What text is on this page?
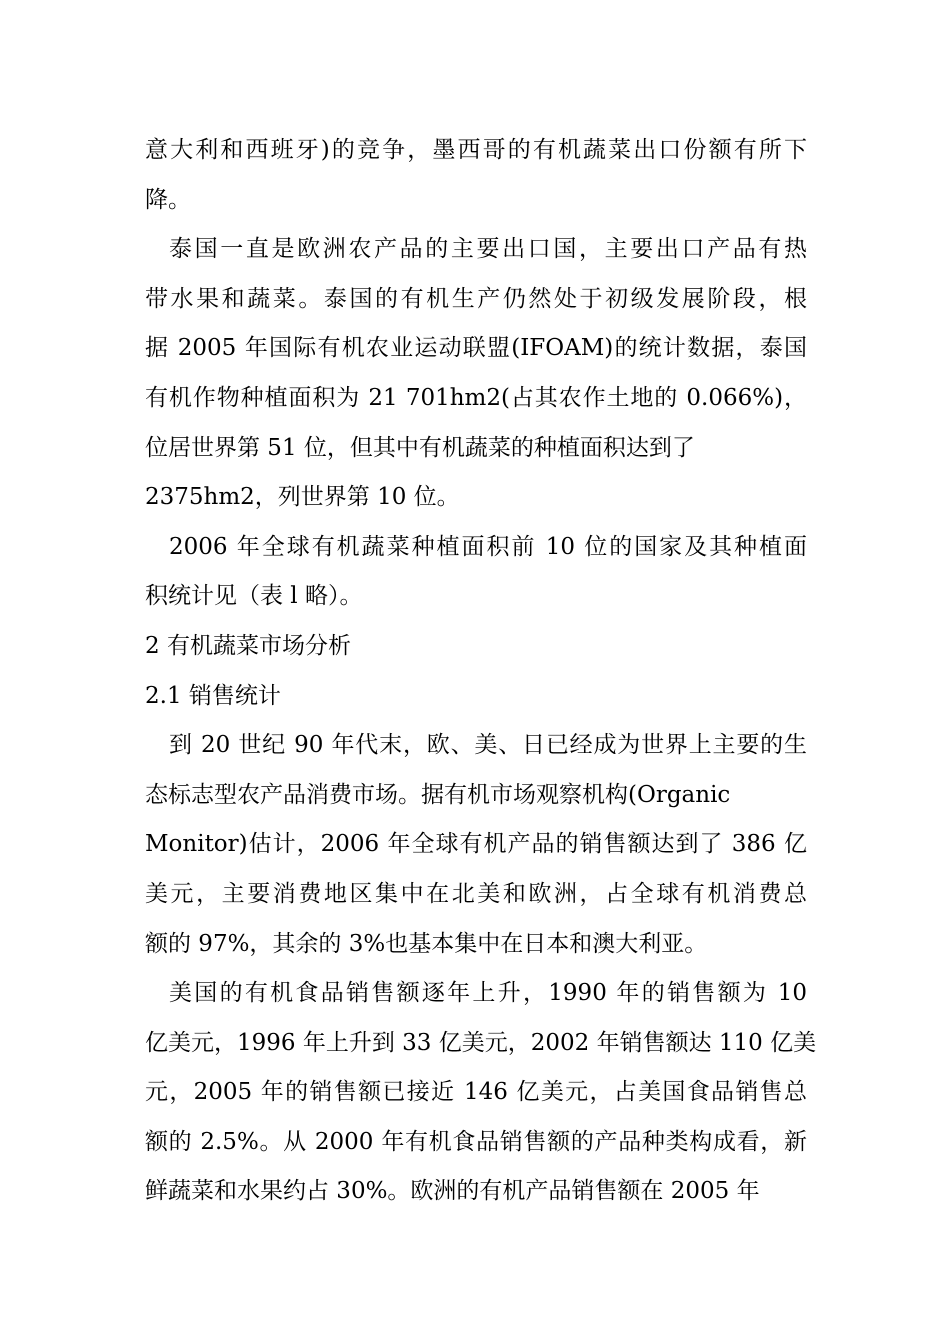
意大利和西班牙)的竞争，墨西哥的有机蔬菜出口份额有所下
降。
泰国一直是欧洲农产品的主要出口国，主要出口产品有热
带水果和蔬菜。泰国的有机生产仍然处于初级发展阶段，根
据 2005 年国际有机农业运动联盟(IFOAM)的统计数据，泰国
有机作物种植面积为 21 701hm2(占其农作土地的 0.066%)，
位居世界第 51 位，但其中有机蔬菜的种植面积达到了
2375hm2，列世界第 10 位。
2006 年全球有机蔬菜种植面积前 10 位的国家及其种植面
积统计见（表 l 略）。
2 有机蔬菜市场分析
2.1 销售统计
到 20 世纪 90 年代末，欧、美、日已经成为世界上主要的生
态标志型农产品消费市场。据有机市场观察机构(Organic
Monitor)估计，2006 年全球有机产品的销售额达到了 386 亿
美元，主要消费地区集中在北美和欧洲，占全球有机消费总
额的 97%，其余的 3%也基本集中在日本和澳大利亚。
美国的有机食品销售额逐年上升，1990 年的销售额为 10
亿美元，1996 年上升到 33 亿美元，2002 年销售额达 110 亿美
元，2005 年的销售额已接近 146 亿美元，占美国食品销售总
额的 2.5%。从 2000 年有机食品销售额的产品种类构成看，新
鲜蔬菜和水果约占 30%。欧洲的有机产品销售额在 2005 年
